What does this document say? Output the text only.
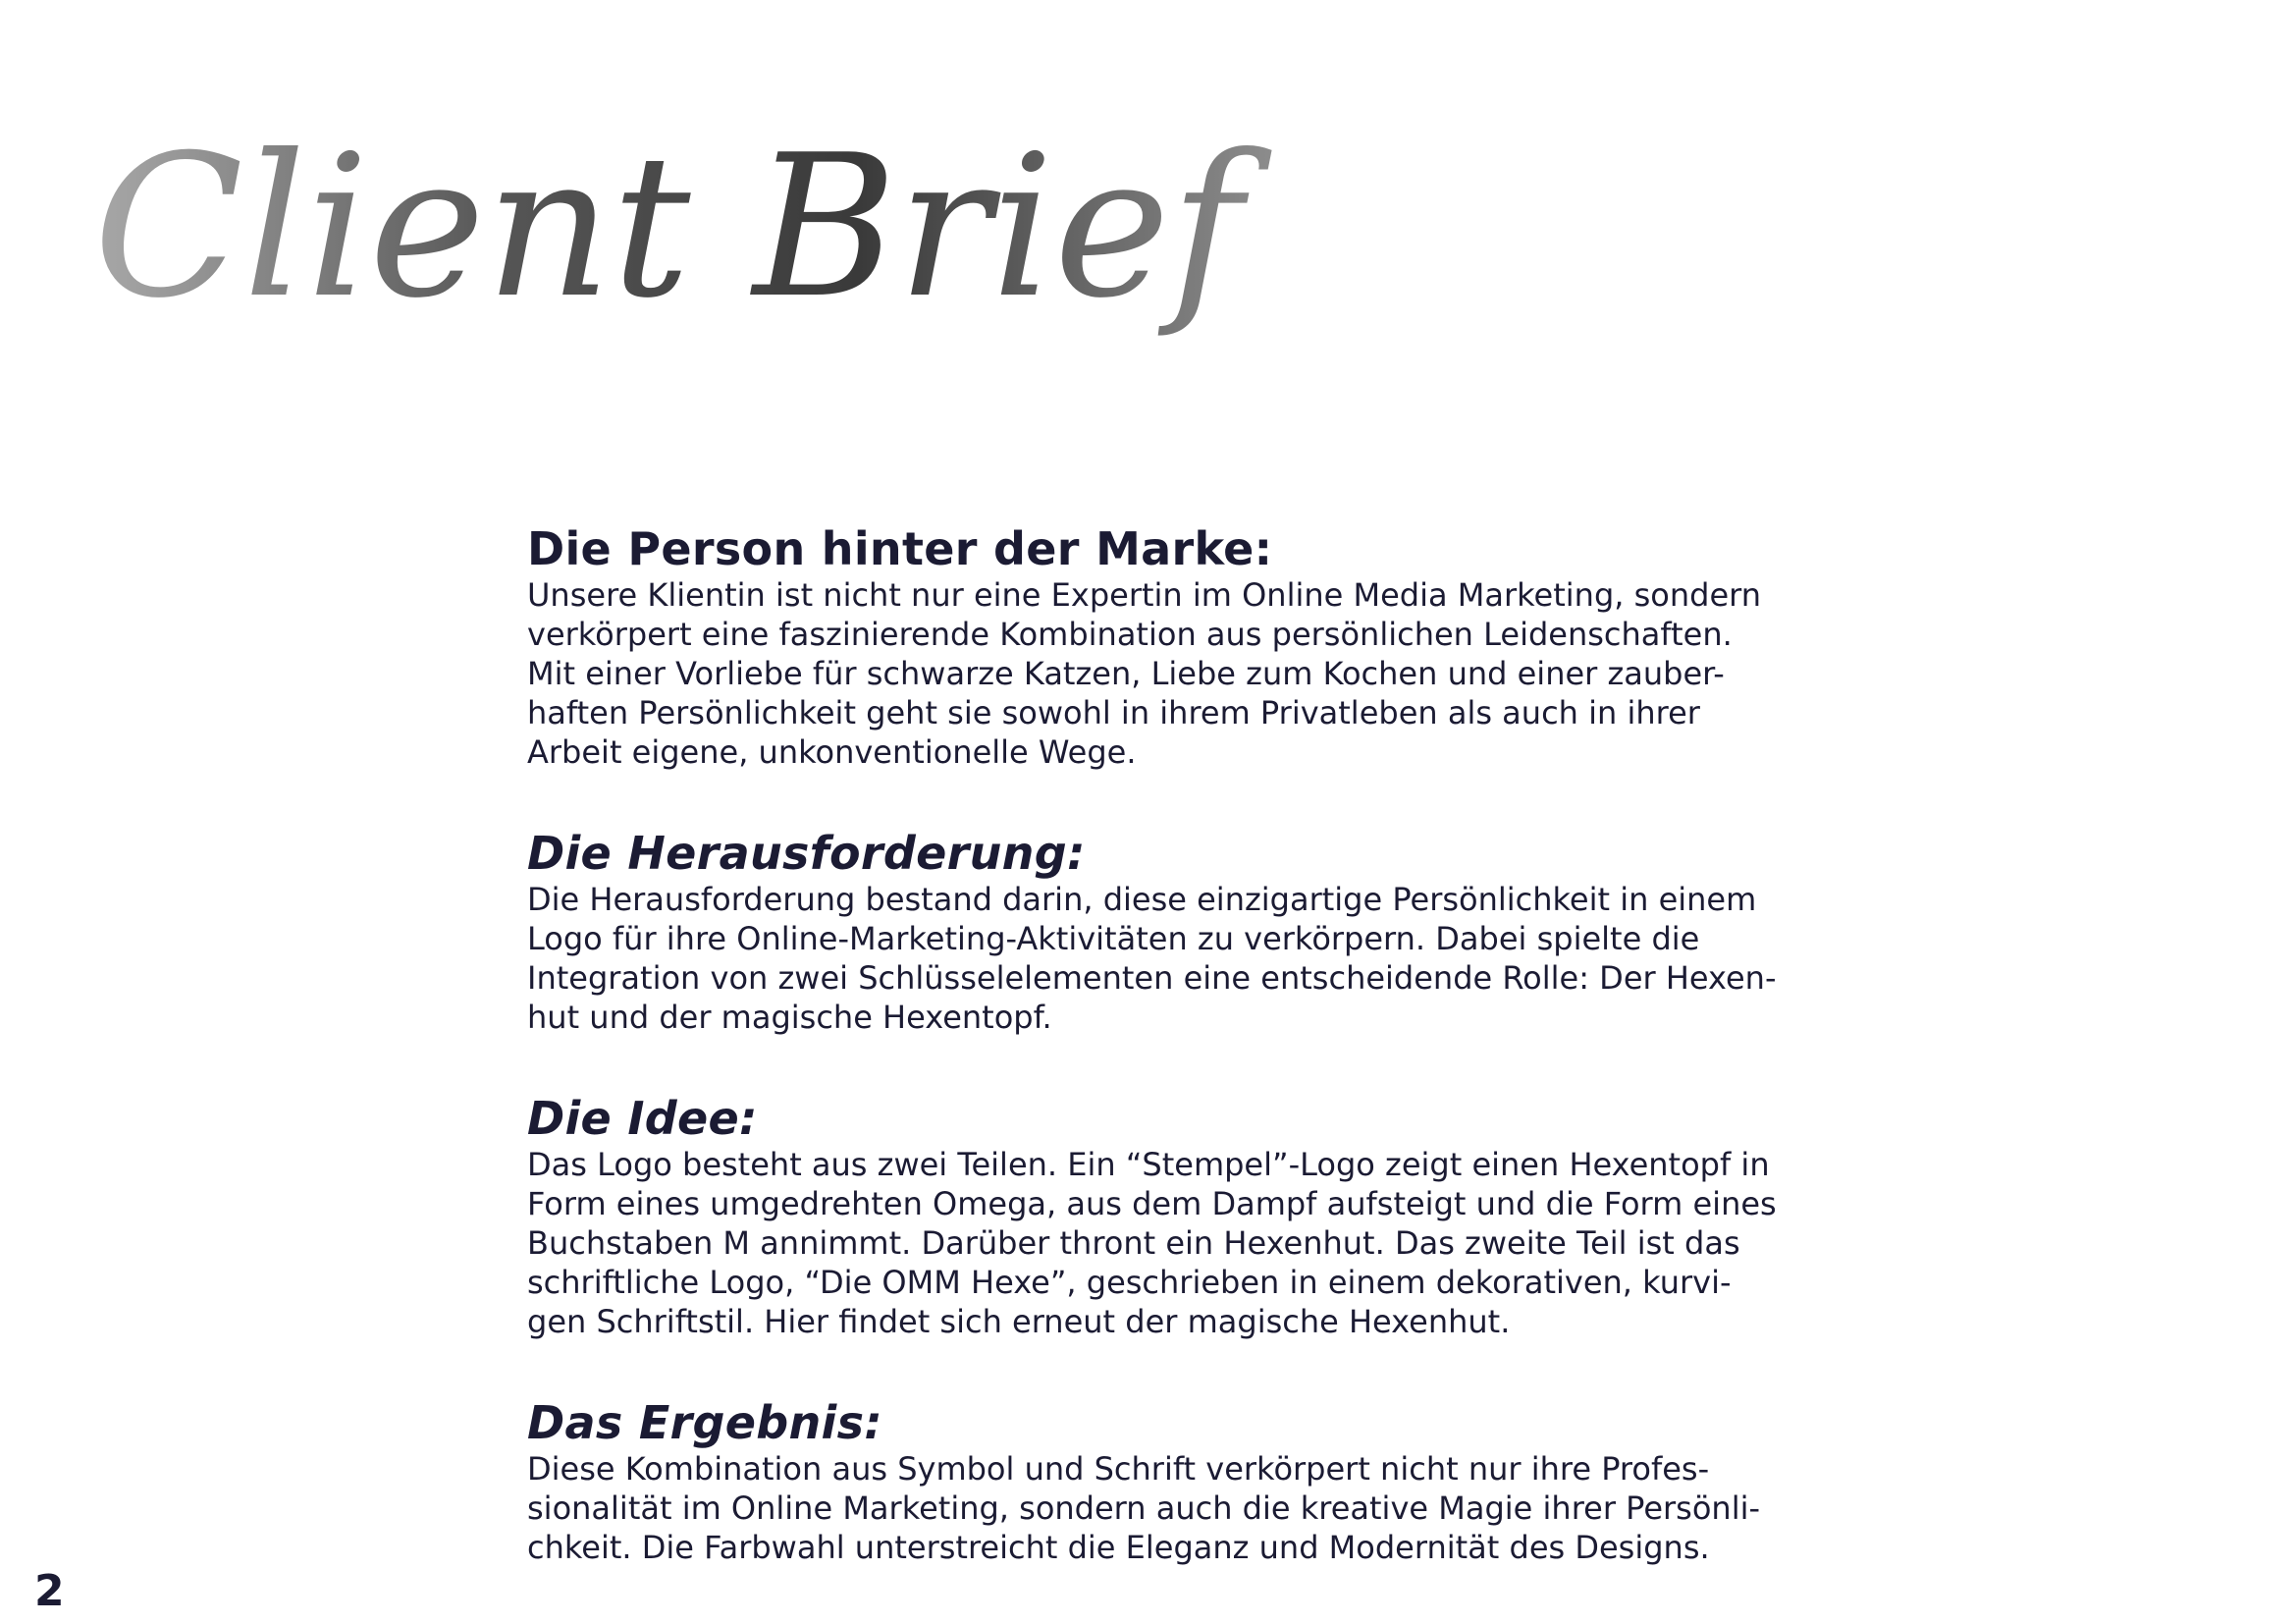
Client Brief
Die Person hinter der Marke:

Unsere Klientin ist nicht nur eine Expertin im Online Media Marketing, sondern
verkörpert eine faszinierende Kombination aus persönlichen Leidenschaften.
Mit einer Vorliebe für schwarze Katzen, Liebe zum Kochen und einer zauber-
haften Persönlichkeit geht sie sowohl in ihrem Privatleben als auch in ihrer
Arbeit eigene, unkonventionelle Wege.

Die Herausforderung:

Die Herausforderung bestand darin, diese einzigartige Persönlichkeit in einem
Logo für ihre Online-Marketing-Aktivitäten zu verkörpern. Dabei spielte die
Integration von zwei Schlüsselelementen eine entscheidende Rolle: Der Hexen-
hut und der magische Hexentopf.

Die Idee:

Das Logo besteht aus zwei Teilen. Ein “Stempel”-Logo zeigt einen Hexentopf in
Form eines umgedrehten Omega, aus dem Dampf aufsteigt und die Form eines
Buchstaben M annimmt. Darüber thront ein Hexenhut. Das zweite Teil ist das
schriftliche Logo, “Die OMM Hexe”, geschrieben in einem dekorativen, kurvi-
gen Schriftstil. Hier findet sich erneut der magische Hexenhut.

Das Ergebnis:

Diese Kombination aus Symbol und Schrift verkörpert nicht nur ihre Profes-
sionalität im Online Marketing, sondern auch die kreative Magie ihrer Persönli-
chkeit. Die Farbwahl unterstreicht die Eleganz und Modernität des Designs.

2
